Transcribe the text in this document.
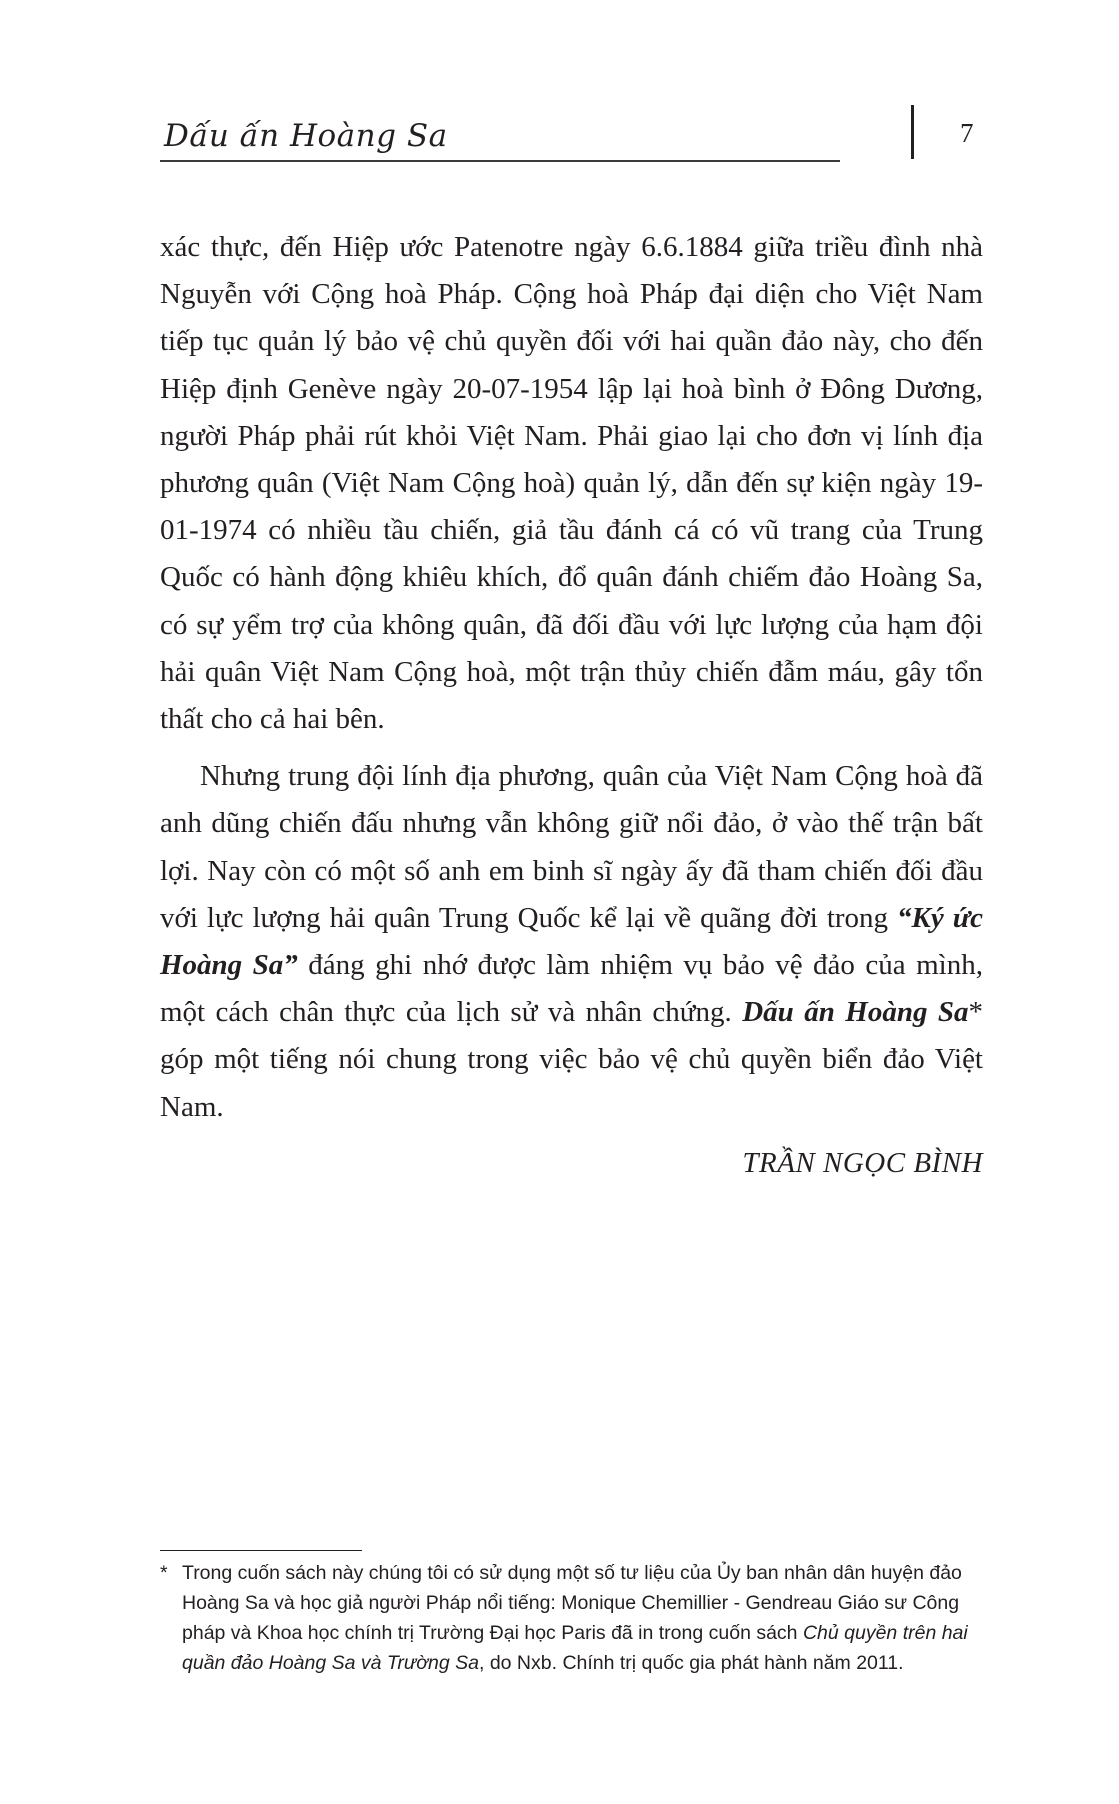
Dấu ấn Hoàng Sa	7

xác thực, đến Hiệp ước Patenotre ngày 6.6.1884 giữa triều đình nhà Nguyễn với Cộng hoà Pháp. Cộng hoà Pháp đại diện cho Việt Nam tiếp tục quản lý bảo vệ chủ quyền đối với hai quần đảo này, cho đến Hiệp định Genève ngày 20-07-1954 lập lại hoà bình ở Đông Dương, người Pháp phải rút khỏi Việt Nam. Phải giao lại cho đơn vị lính địa phương quân (Việt Nam Cộng hoà) quản lý, dẫn đến sự kiện ngày 19-01-1974 có nhiều tầu chiến, giả tầu đánh cá có vũ trang của Trung Quốc có hành động khiêu khích, đổ quân đánh chiếm đảo Hoàng Sa, có sự yểm trợ của không quân, đã đối đầu với lực lượng của hạm đội hải quân Việt Nam Cộng hoà, một trận thủy chiến đẫm máu, gây tổn thất cho cả hai bên.

Nhưng trung đội lính địa phương, quân của Việt Nam Cộng hoà đã anh dũng chiến đấu nhưng vẫn không giữ nổi đảo, ở vào thế trận bất lợi. Nay còn có một số anh em binh sĩ ngày ấy đã tham chiến đối đầu với lực lượng hải quân Trung Quốc kể lại về quãng đời trong “Ký ức Hoàng Sa” đáng ghi nhớ được làm nhiệm vụ bảo vệ đảo của mình, một cách chân thực của lịch sử và nhân chứng. Dấu ấn Hoàng Sa* góp một tiếng nói chung trong việc bảo vệ chủ quyền biển đảo Việt Nam.

TRẦN NGỌC BÌNH
* Trong cuốn sách này chúng tôi có sử dụng một số tư liệu của Ủy ban nhân dân huyện đảo Hoàng Sa và học giả người Pháp nổi tiếng: Monique Chemillier - Gendreau Giáo sư Công pháp và Khoa học chính trị Trường Đại học Paris đã in trong cuốn sách Chủ quyền trên hai quần đảo Hoàng Sa và Trường Sa, do Nxb. Chính trị quốc gia phát hành năm 2011.
